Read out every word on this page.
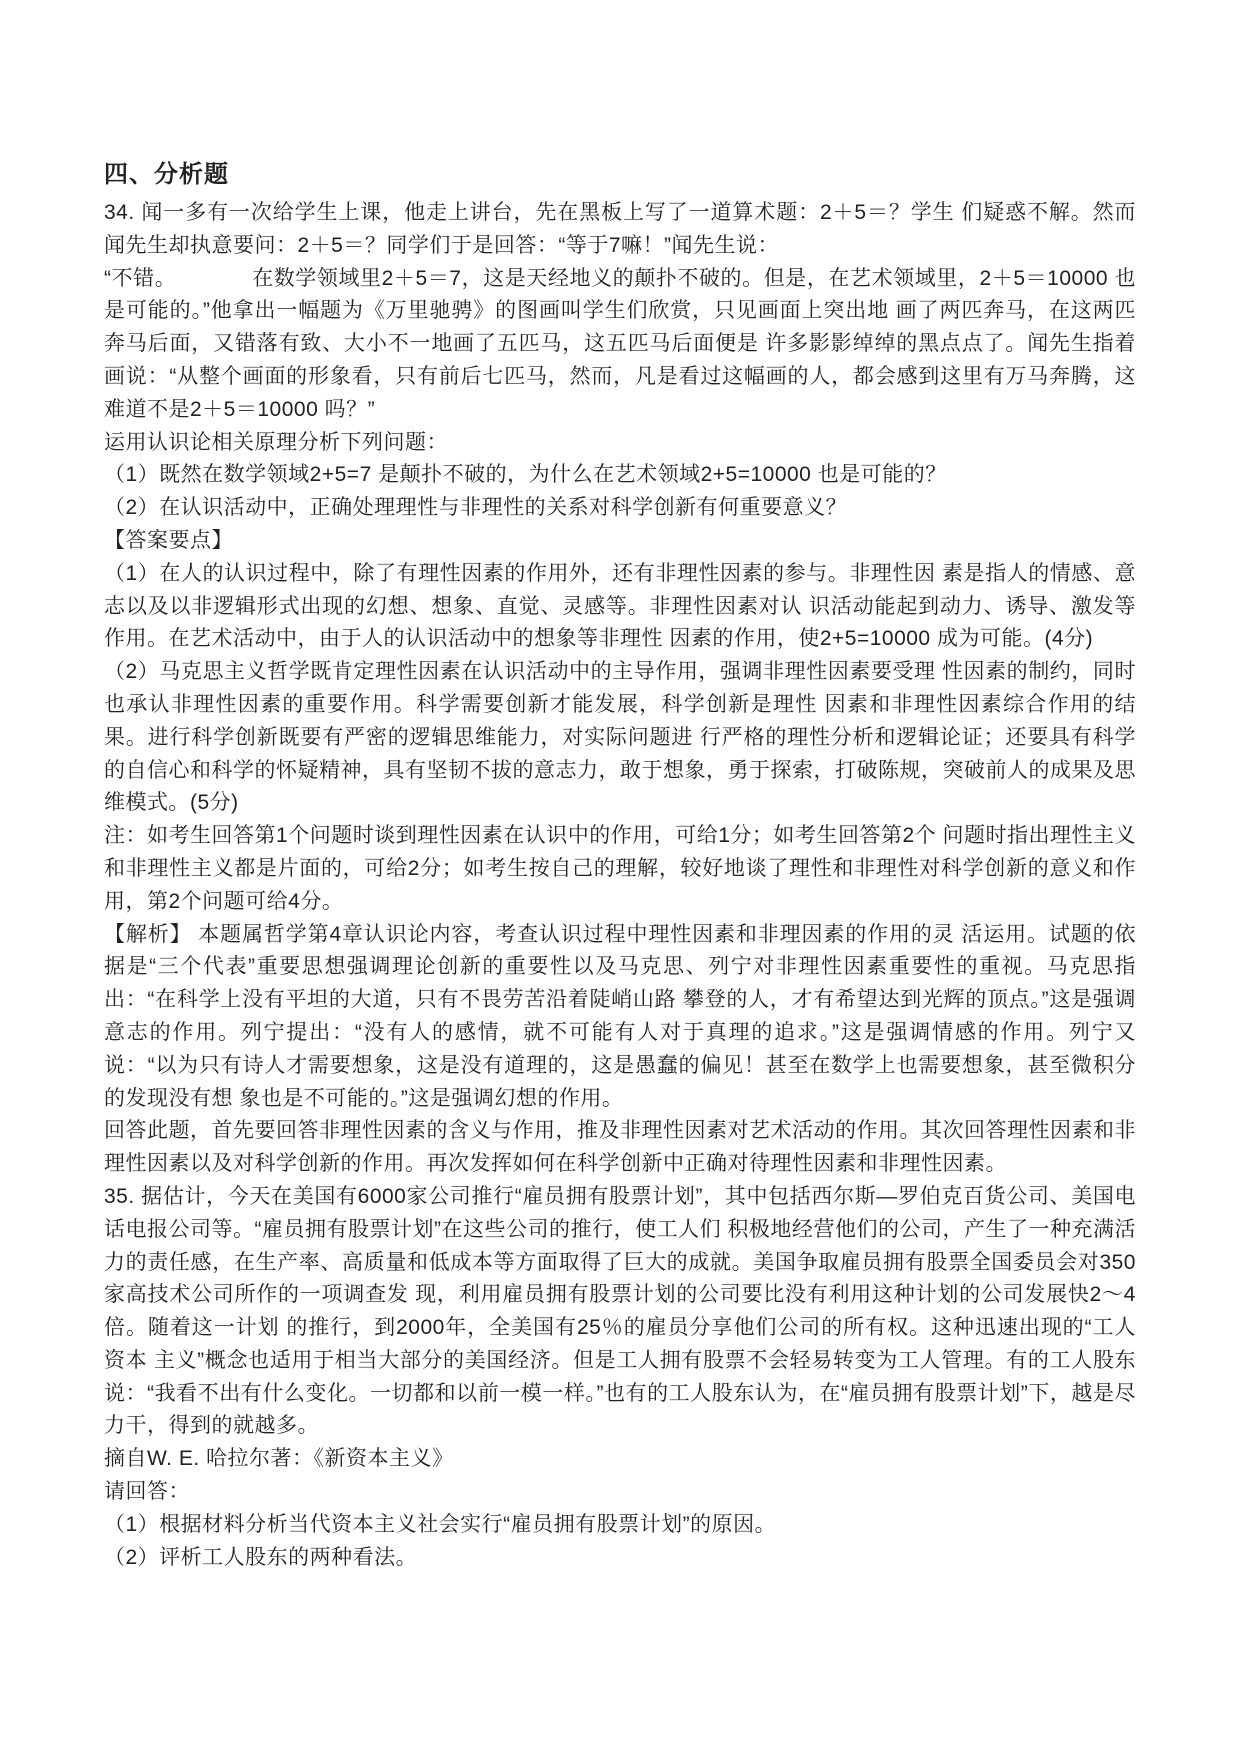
四、分析题

34. 闻一多有一次给学生上课，他走上讲台，先在黑板上写了一道算术题：2＋5＝？学生 们疑惑不解。然而闻先生却执意要问：2＋5＝？同学们于是回答：“等于7嘛！”闻先生说：

“不错。　　　　在数学领域里2＋5＝7，这是天经地义的颠扑不破的。但是，在艺术领域里，2＋5＝10000 也是可能的。”他拿出一幅题为《万里驰骋》的图画叫学生们欣赏，只见画面上突出地 画了两匹奔马，在这两匹奔马后面，又错落有致、大小不一地画了五匹马，这五匹马后面便是 许多影影绰绰的黑点点了。闻先生指着画说：“从整个画面的形象看，只有前后七匹马，然而，凡是看过这幅画的人，都会感到这里有万马奔腾，这难道不是2＋5＝10000 吗？”

运用认识论相关原理分析下列问题：

（1）既然在数学领域2+5=7 是颠扑不破的，为什么在艺术领域2+5=10000 也是可能的？

（2）在认识活动中，正确处理理性与非理性的关系对科学创新有何重要意义？

【答案要点】

（1）在人的认识过程中，除了有理性因素的作用外，还有非理性因素的参与。非理性因 素是指人的情感、意志以及以非逻辑形式出现的幻想、想象、直觉、灵感等。非理性因素对认 识活动能起到动力、诱导、激发等作用。在艺术活动中，由于人的认识活动中的想象等非理性 因素的作用，使2+5=10000 成为可能。(4分)

（2）马克思主义哲学既肯定理性因素在认识活动中的主导作用，强调非理性因素要受理 性因素的制约，同时也承认非理性因素的重要作用。科学需要创新才能发展，科学创新是理性 因素和非理性因素综合作用的结果。进行科学创新既要有严密的逻辑思维能力，对实际问题进 行严格的理性分析和逻辑论证；还要具有科学的自信心和科学的怀疑精神，具有坚韧不拔的意志力，敢于想象，勇于探索，打破陈规，突破前人的成果及思维模式。(5分)

注：如考生回答第1个问题时谈到理性因素在认识中的作用，可给1分；如考生回答第2个 问题时指出理性主义和非理性主义都是片面的，可给2分；如考生按自己的理解，较好地谈了理性和非理性对科学创新的意义和作用，第2个问题可给4分。

【解析】 本题属哲学第4章认识论内容，考查认识过程中理性因素和非理因素的作用的灵 活运用。试题的依据是“三个代表”重要思想强调理论创新的重要性以及马克思、列宁对非理性因素重要性的重视。马克思指出：“在科学上没有平坦的大道，只有不畏劳苦沿着陡峭山路 攀登的人，才有希望达到光辉的顶点。”这是强调意志的作用。列宁提出：“没有人的感情，就不可能有人对于真理的追求。”这是强调情感的作用。列宁又说：“以为只有诗人才需要想象，这是没有道理的，这是愚蠢的偏见！甚至在数学上也需要想象，甚至微积分的发现没有想 象也是不可能的。”这是强调幻想的作用。

回答此题，首先要回答非理性因素的含义与作用，推及非理性因素对艺术活动的作用。其次回答理性因素和非理性因素以及对科学创新的作用。再次发挥如何在科学创新中正确对待理性因素和非理性因素。

35. 据估计，今天在美国有6000家公司推行“雇员拥有股票计划”，其中包括西尔斯—罗伯克百货公司、美国电话电报公司等。“雇员拥有股票计划”在这些公司的推行，使工人们 积极地经营他们的公司，产生了一种充满活力的责任感，在生产率、高质量和低成本等方面取得了巨大的成就。美国争取雇员拥有股票全国委员会对350家高技术公司所作的一项调查发 现，利用雇员拥有股票计划的公司要比没有利用这种计划的公司发展快2～4倍。随着这一计划 的推行，到2000年，全美国有25％的雇员分享他们公司的所有权。这种迅速出现的“工人资本 主义”概念也适用于相当大部分的美国经济。但是工人拥有股票不会轻易转变为工人管理。有的工人股东说：“我看不出有什么变化。一切都和以前一模一样。”也有的工人股东认为，在“雇员拥有股票计划”下，越是尽力干，得到的就越多。

摘自W. E. 哈拉尔著：《新资本主义》

请回答：

（1）根据材料分析当代资本主义社会实行“雇员拥有股票计划”的原因。

（2）评析工人股东的两种看法。
